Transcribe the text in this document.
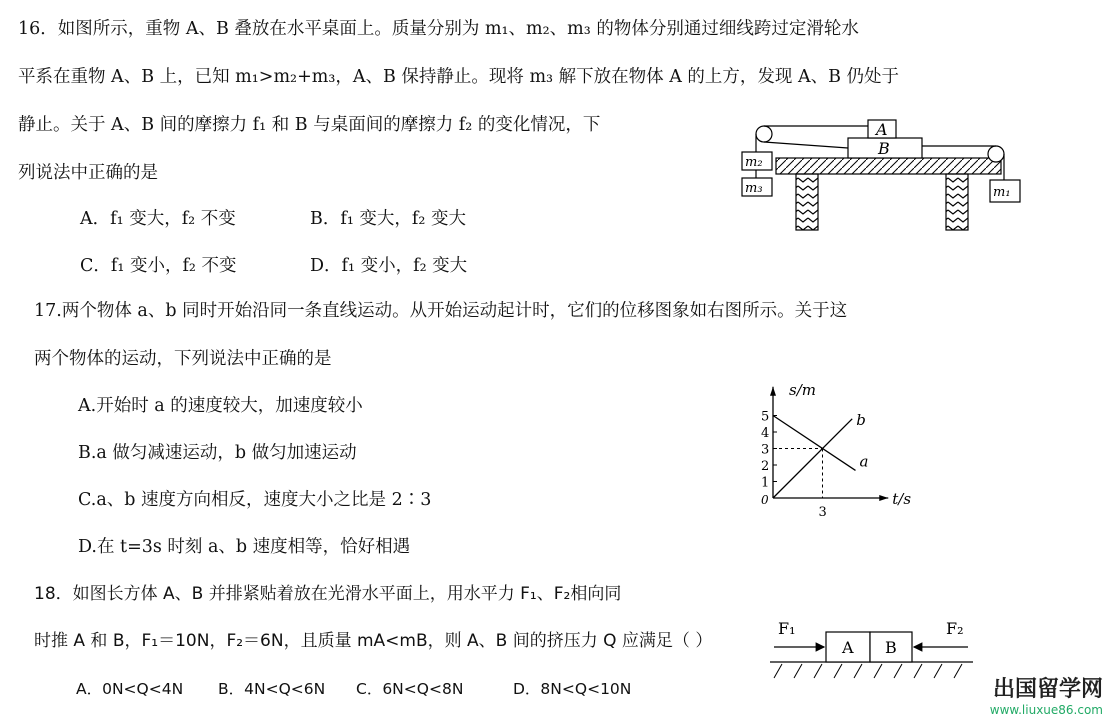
16．如图所示，重物 A、B 叠放在水平桌面上。质量分别为 m₁、m₂、m₃ 的物体分别通过细线跨过定滑轮水
平系在重物 A、B 上，已知 m₁>m₂+m₃，A、B 保持静止。现将 m₃ 解下放在物体 A 的上方，发现 A、B 仍处于
静止。关于 A、B 间的摩擦力 f₁ 和 B 与桌面间的摩擦力 f₂ 的变化情况，下
列说法中正确的是
A．f₁ 变大，f₂ 不变	B．f₁ 变大，f₂ 变大
C．f₁ 变小，f₂ 不变	D．f₁ 变小，f₂ 变大
B
A
m₂
m₃	m₁
17.两个物体 a、b 同时开始沿同一条直线运动。从开始运动起计时，它们的位移图象如右图所示。关于这
两个物体的运动，下列说法中正确的是
A.开始时 a 的速度较大，加速度较小
B.a 做匀减速运动，b 做匀加速运动
C.a、b 速度方向相反，速度大小之比是 2∶3
D.在 t=3s 时刻 a、b 速度相等，恰好相遇
s/m
t/s
0
1
2
3
4
5
3
a
b
18．如图长方体 A、B 并排紧贴着放在光滑水平面上，用水平力 F₁、F₂相向同
时推 A 和 B，F₁＝10N，F₂＝6N，且质量 mA<mB，则 A、B 间的挤压力 Q 应满足（ ）
A．0N<Q<4N B．4N<Q<6N C．6N<Q<8N	D．8N<Q<10N
A B
F₁	F₂
出国留学网
www.liuxue86.com
